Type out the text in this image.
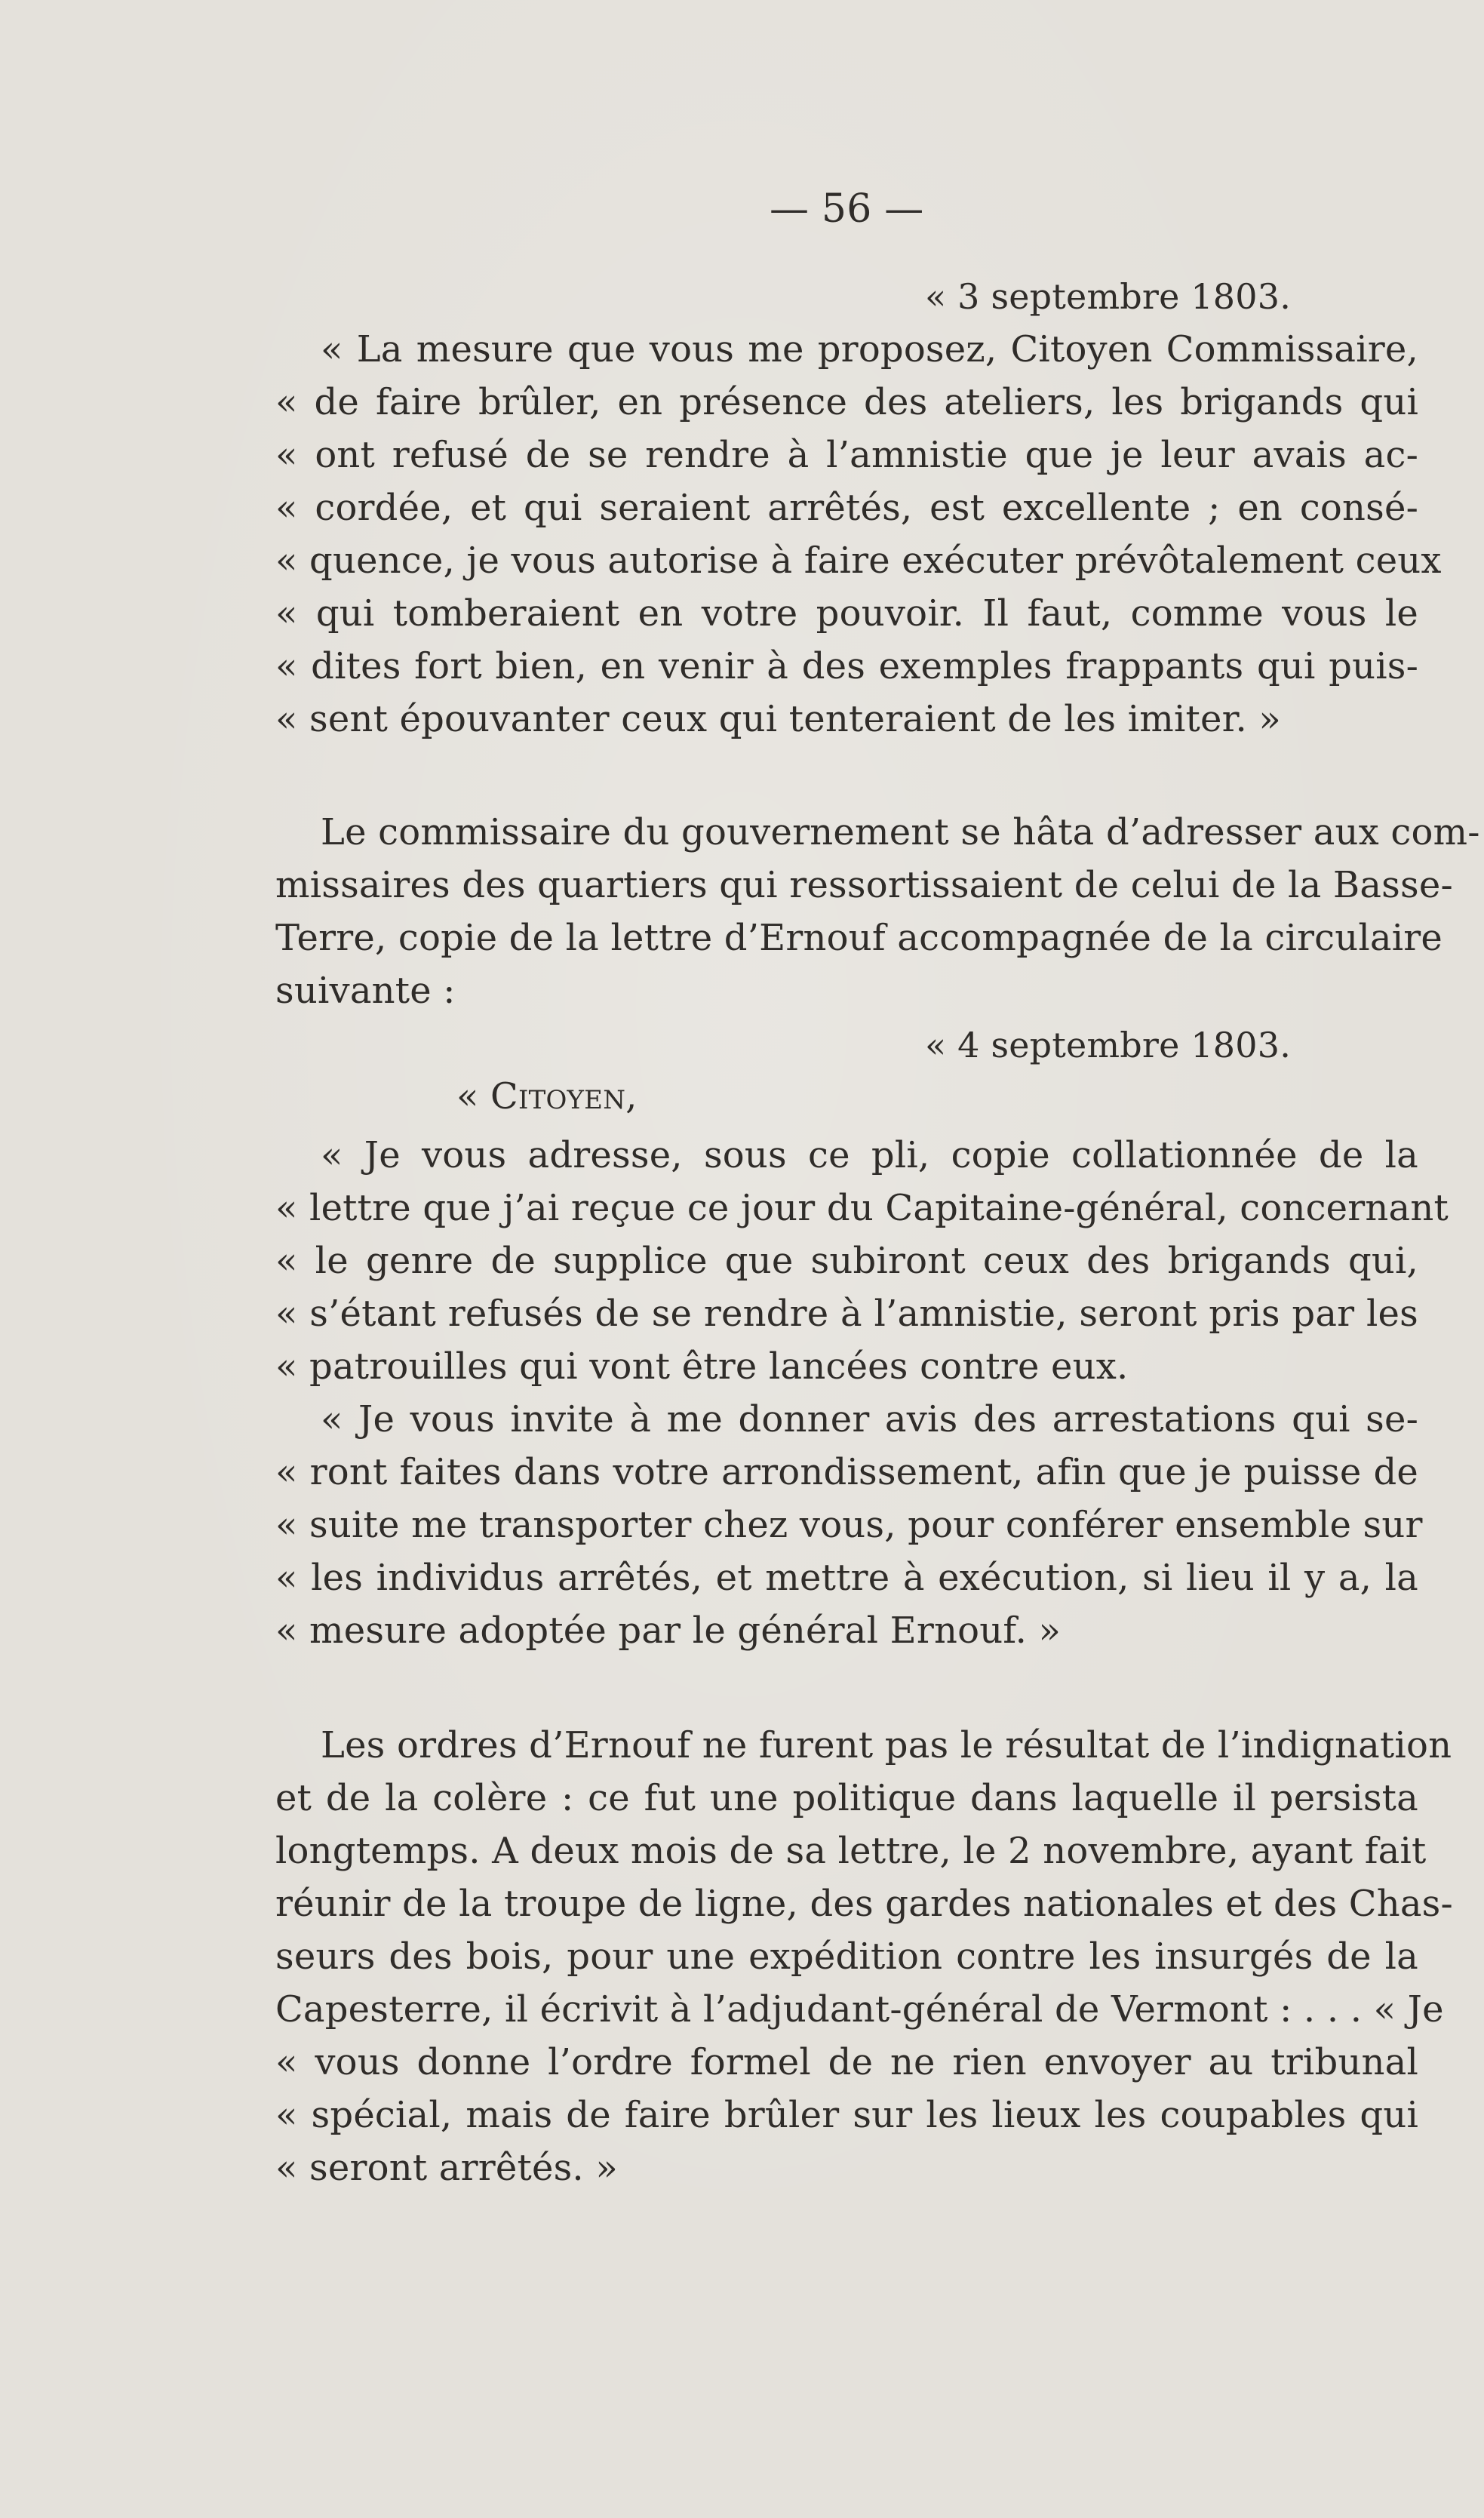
— 56 —
« 3 septembre 1803.
« La mesure que vous me proposez, Citoyen Commissaire,
« de faire brûler, en présence des ateliers, les brigands qui
« ont refusé de se rendre à l’amnistie que je leur avais ac-
« cordée, et qui seraient arrêtés, est excellente ; en consé-
« quence, je vous autorise à faire exécuter prévôtalement ceux
« qui tomberaient en votre pouvoir. Il faut, comme vous le
« dites fort bien, en venir à des exemples frappants qui puis-
« sent épouvanter ceux qui tenteraient de les imiter. »
Le commissaire du gouvernement se hâta d’adresser aux com-
missaires des quartiers qui ressortissaient de celui de la Basse-
Terre, copie de la lettre d’Ernouf accompagnée de la circulaire
suivante :
« 4 septembre 1803.
« Citoyen,
« Je vous adresse, sous ce pli, copie collationnée de la
« lettre que j’ai reçue ce jour du Capitaine-général, concernant
« le genre de supplice que subiront ceux des brigands qui,
« s’étant refusés de se rendre à l’amnistie, seront pris par les
« patrouilles qui vont être lancées contre eux.
« Je vous invite à me donner avis des arrestations qui se-
« ront faites dans votre arrondissement, afin que je puisse de
« suite me transporter chez vous, pour conférer ensemble sur
« les individus arrêtés, et mettre à exécution, si lieu il y a, la
« mesure adoptée par le général Ernouf. »
Les ordres d’Ernouf ne furent pas le résultat de l’indignation
et de la colère : ce fut une politique dans laquelle il persista
longtemps. A deux mois de sa lettre, le 2 novembre, ayant fait
réunir de la troupe de ligne, des gardes nationales et des Chas-
seurs des bois, pour une expédition contre les insurgés de la
Capesterre, il écrivit à l’adjudant-général de Vermont : . . . « Je
« vous donne l’ordre formel de ne rien envoyer au tribunal
« spécial, mais de faire brûler sur les lieux les coupables qui
« seront arrêtés. »
